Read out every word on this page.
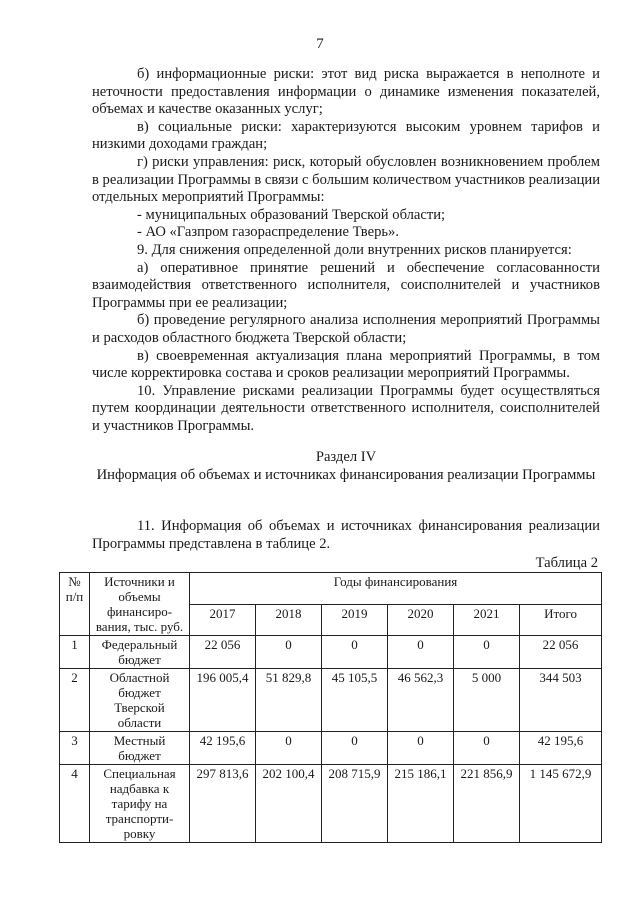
7

б) информационные риски: этот вид риска выражается в неполноте и неточности предоставления информации о динамике изменения показателей, объемах и качестве оказанных услуг;

в) социальные риски: характеризуются высоким уровнем тарифов и низкими доходами граждан;

г) риски управления: риск, который обусловлен возникновением проблем в реализации Программы в связи с большим количеством участников реализации отдельных мероприятий Программы:

- муниципальных образований Тверской области;

- АО «Газпром газораспределение Тверь».

9. Для снижения определенной доли внутренних рисков планируется:

а) оперативное принятие решений и обеспечение согласованности взаимодействия ответственного исполнителя, соисполнителей и участников Программы при ее реализации;

б) проведение регулярного анализа исполнения мероприятий Программы и расходов областного бюджета Тверской области;

в) своевременная актуализация плана мероприятий Программы, в том числе корректировка состава и сроков реализации мероприятий Программы.

10. Управление рисками реализации Программы будет осуществляться путем координации деятельности ответственного исполнителя, соисполнителей и участников Программы.

Раздел IV
Информация об объемах и источниках финансирования реализации Программы

11. Информация об объемах и источниках финансирования реализации Программы представлена в таблице 2.

Таблица 2
№ п/п	Источники и объемы финансиро-вания, тыс. руб.	Годы финансирования					
		2017	2018	2019	2020	2021	Итого
1	Федеральный бюджет	22 056	0	0	0	0	22 056
2	Областной бюджет Тверской области	196 005,4	51 829,8	45 105,5	46 562,3	5 000	344 503
3	Местный бюджет	42 195,6	0	0	0	0	42 195,6
4	Специальная надбавка к тарифу на транспорти-ровку	297 813,6	202 100,4	208 715,9	215 186,1	221 856,9	1 145 672,9
